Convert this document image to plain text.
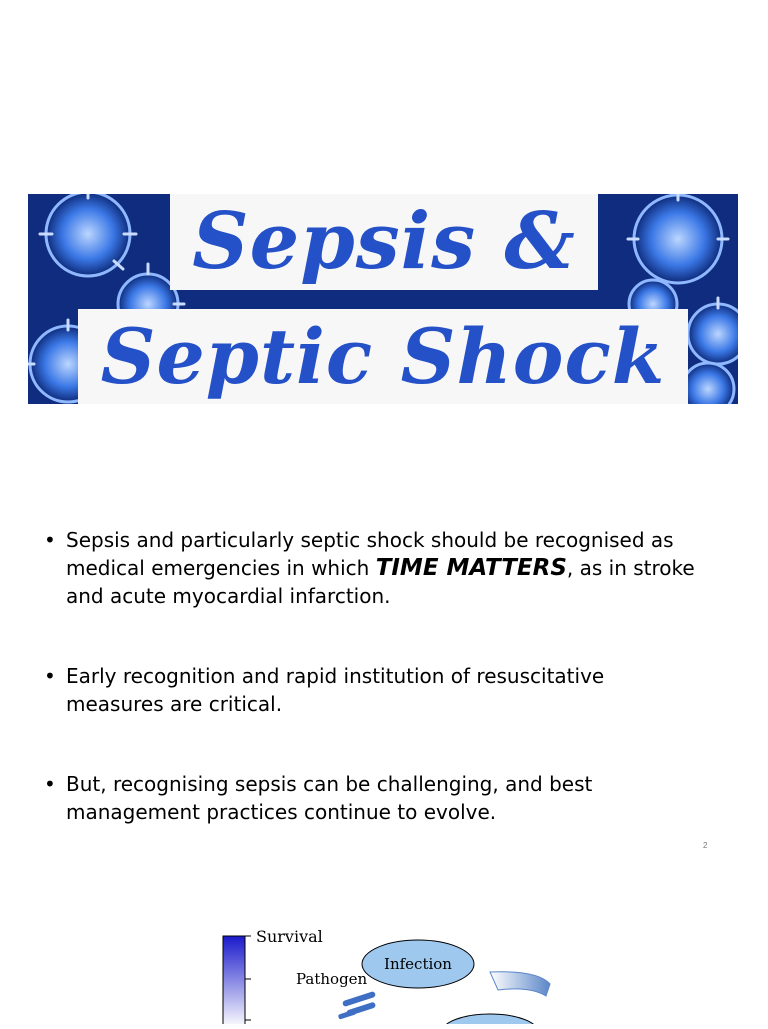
Sepsis &
Septic Shock
• Sepsis and particularly septic shock should be recognised as medical emergencies in which TIME MATTERS, as in stroke and acute myocardial infarction.
• Early recognition and rapid institution of resuscitative measures are critical.
• But, recognising sepsis can be challenging, and best management practices continue to evolve.
2
Survival
Pathogen
Infection
